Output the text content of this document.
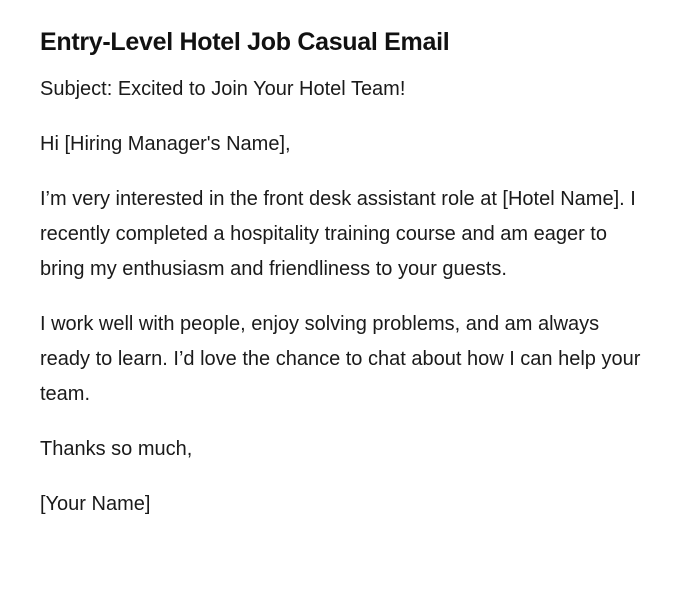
Entry-Level Hotel Job Casual Email

Subject: Excited to Join Your Hotel Team!

Hi [Hiring Manager's Name],

I’m very interested in the front desk assistant role at [Hotel Name]. I recently completed a hospitality training course and am eager to bring my enthusiasm and friendliness to your guests.

I work well with people, enjoy solving problems, and am always ready to learn. I’d love the chance to chat about how I can help your team.

Thanks so much,

[Your Name]
